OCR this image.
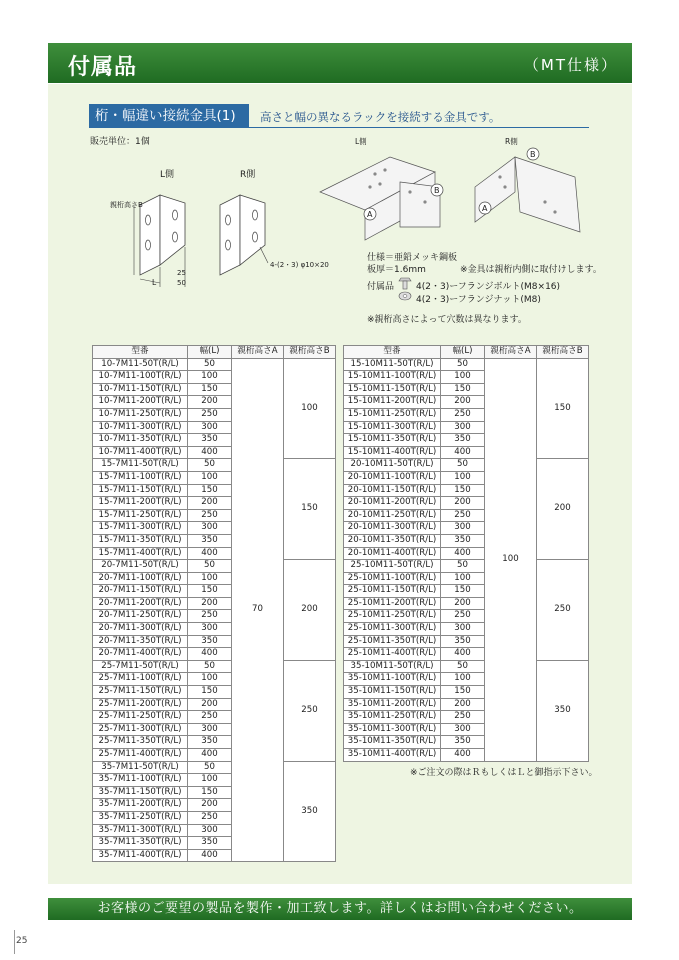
付属品	（MT仕様）
桁・幅違い接続金具(1)	高さと幅の異なるラックを接続する金具です。
販売単位：1個
L側	R側
親桁高さB
L
25
50
4-(2・3) φ10×20
L側	R側
A
B
A
B
仕様＝亜鉛メッキ鋼板
板厚＝1.6mm	※金具は親桁内側に取付けします。
付属品 4(2・3)ーフランジボルト(M8×16)
4(2・3)ーフランジナット(M8)
※親桁高さによって穴数は異なります。
型番	幅(L)	親桁高さA	親桁高さB
10-7M11-50T(R/L)	50	70	100
10-7M11-100T(R/L)	100		
10-7M11-150T(R/L)	150		
10-7M11-200T(R/L)	200		
10-7M11-250T(R/L)	250		
10-7M11-300T(R/L)	300		
10-7M11-350T(R/L)	350		
10-7M11-400T(R/L)	400		
15-7M11-50T(R/L)	50		150
15-7M11-100T(R/L)	100		
15-7M11-150T(R/L)	150		
15-7M11-200T(R/L)	200		
15-7M11-250T(R/L)	250		
15-7M11-300T(R/L)	300		
15-7M11-350T(R/L)	350		
15-7M11-400T(R/L)	400		
20-7M11-50T(R/L)	50		200
20-7M11-100T(R/L)	100		
20-7M11-150T(R/L)	150		
20-7M11-200T(R/L)	200		
20-7M11-250T(R/L)	250		
20-7M11-300T(R/L)	300		
20-7M11-350T(R/L)	350		
20-7M11-400T(R/L)	400		
25-7M11-50T(R/L)	50		250
25-7M11-100T(R/L)	100		
25-7M11-150T(R/L)	150		
25-7M11-200T(R/L)	200		
25-7M11-250T(R/L)	250		
25-7M11-300T(R/L)	300		
25-7M11-350T(R/L)	350		
25-7M11-400T(R/L)	400		
35-7M11-50T(R/L)	50		350
35-7M11-100T(R/L)	100		
35-7M11-150T(R/L)	150		
35-7M11-200T(R/L)	200		
35-7M11-250T(R/L)	250		
35-7M11-300T(R/L)	300		
35-7M11-350T(R/L)	350		
35-7M11-400T(R/L)	400		
型番	幅(L)	親桁高さA	親桁高さB
15-10M11-50T(R/L)	50	100	150
15-10M11-100T(R/L)	100		
15-10M11-150T(R/L)	150		
15-10M11-200T(R/L)	200		
15-10M11-250T(R/L)	250		
15-10M11-300T(R/L)	300		
15-10M11-350T(R/L)	350		
15-10M11-400T(R/L)	400		
20-10M11-50T(R/L)	50		200
20-10M11-100T(R/L)	100		
20-10M11-150T(R/L)	150		
20-10M11-200T(R/L)	200		
20-10M11-250T(R/L)	250		
20-10M11-300T(R/L)	300		
20-10M11-350T(R/L)	350		
20-10M11-400T(R/L)	400		
25-10M11-50T(R/L)	50		250
25-10M11-100T(R/L)	100		
25-10M11-150T(R/L)	150		
25-10M11-200T(R/L)	200		
25-10M11-250T(R/L)	250		
25-10M11-300T(R/L)	300		
25-10M11-350T(R/L)	350		
25-10M11-400T(R/L)	400		
35-10M11-50T(R/L)	50		350
35-10M11-100T(R/L)	100		
35-10M11-150T(R/L)	150		
35-10M11-200T(R/L)	200		
35-10M11-250T(R/L)	250		
35-10M11-300T(R/L)	300		
35-10M11-350T(R/L)	350		
35-10M11-400T(R/L)	400		
※ご注文の際はＲもしくはＬと御指示下さい。
お客様のご要望の製品を製作・加工致します。詳しくはお問い合わせください。
25
